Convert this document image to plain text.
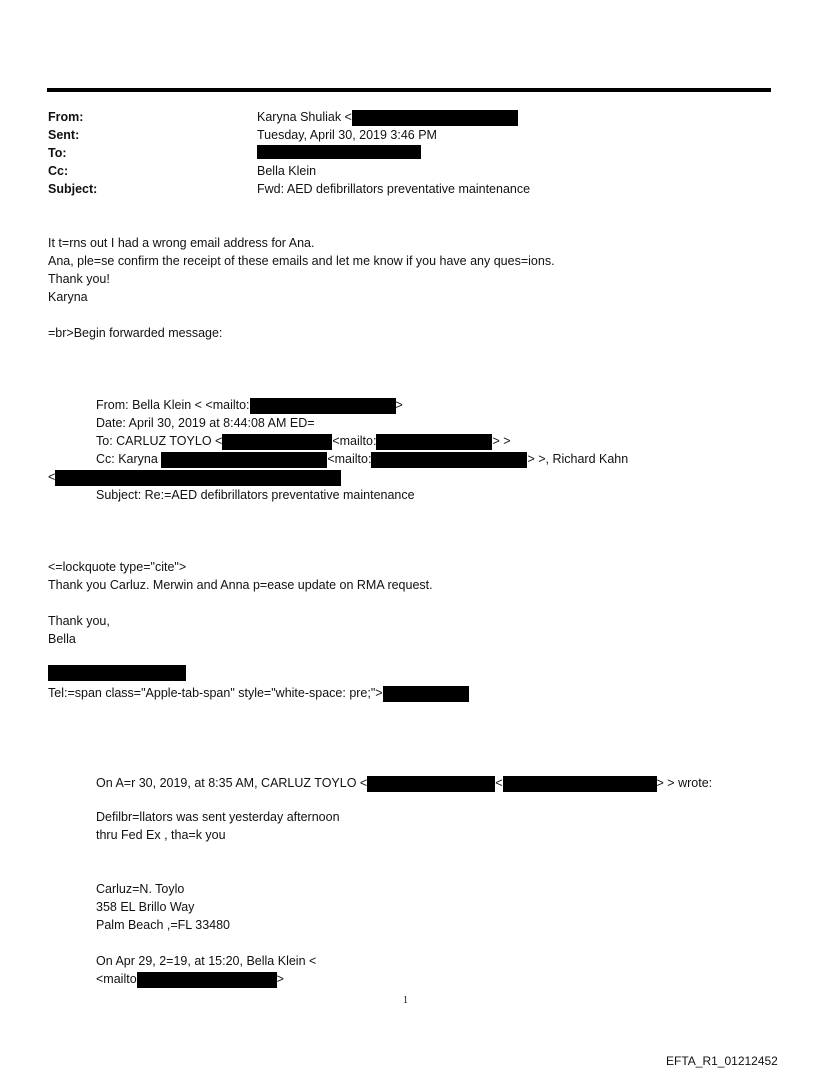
From:	Karyna Shuliak <
Sent:	Tuesday, April 30, 2019 3:46 PM
To:
Cc:	Bella Klein
Subject:	Fwd: AED defibrillators preventative maintenance
It t=rns out I had a wrong email address for Ana.
Ana, ple=se confirm the receipt of these emails and let me know if you have any ques=ions.
Thank you!
Karyna
=br>Begin forwarded message:
From: Bella Klein < <mailto:	>
Date: April 30, 2019 at 8:44:08 AM ED=
To: CARLUZ TOYLO <	<mailto:	> >
Cc: Karyna	<mailto:	> >, Richard Kahn
<
Subject: Re:=AED defibrillators preventative maintenance
<=lockquote type="cite">
Thank you Carluz. Merwin and Anna p=ease update on RMA request.
Thank you,
Bella
Tel:=span class="Apple-tab-span" style="white-space: pre;">
On A=r 30, 2019, at 8:35 AM, CARLUZ TOYLO <	<	> > wrote:
Defilbr=llators was sent yesterday afternoon
thru Fed Ex , tha=k you
Carluz=N. Toylo
358 EL Brillo Way
Palm Beach ,=FL 33480
On Apr 29, 2=19, at 15:20, Bella Klein <
<mailto	>
1
EFTA_R1_01212452
